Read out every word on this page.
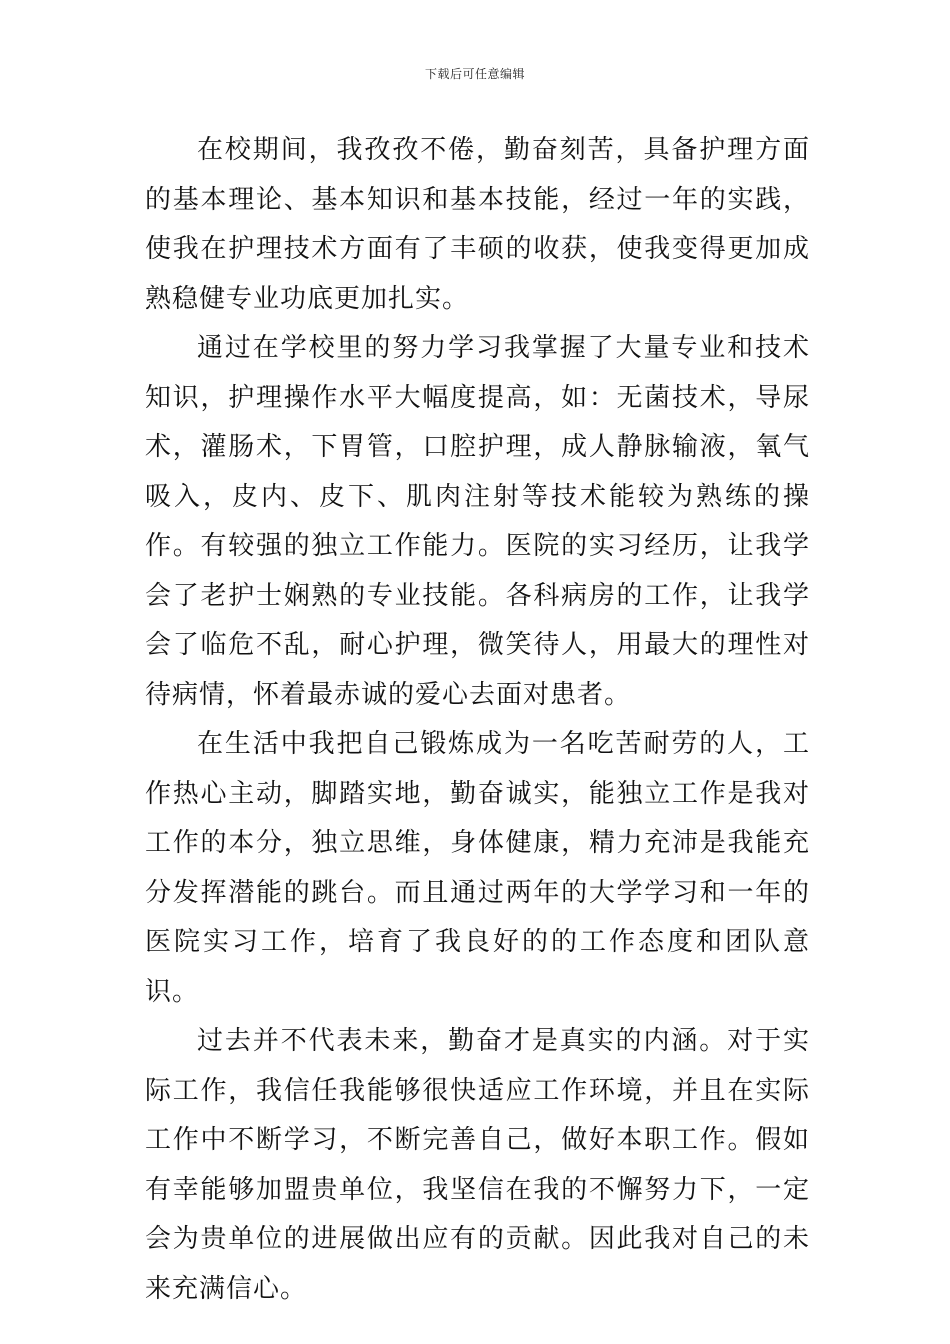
下载后可任意编辑

在校期间，我孜孜不倦，勤奋刻苦，具备护理方面的基本理论、基本知识和基本技能，经过一年的实践，使我在护理技术方面有了丰硕的收获，使我变得更加成熟稳健专业功底更加扎实。

通过在学校里的努力学习我掌握了大量专业和技术知识，护理操作水平大幅度提高，如：无菌技术，导尿术，灌肠术，下胃管，口腔护理，成人静脉输液，氧气吸入，皮内、皮下、肌肉注射等技术能较为熟练的操作。有较强的独立工作能力。医院的实习经历，让我学会了老护士娴熟的专业技能。各科病房的工作，让我学会了临危不乱，耐心护理，微笑待人，用最大的理性对待病情，怀着最赤诚的爱心去面对患者。

在生活中我把自己锻炼成为一名吃苦耐劳的人，工作热心主动，脚踏实地，勤奋诚实，能独立工作是我对工作的本分，独立思维，身体健康，精力充沛是我能充分发挥潜能的跳台。而且通过两年的大学学习和一年的医院实习工作，培育了我良好的的工作态度和团队意识。

过去并不代表未来，勤奋才是真实的内涵。对于实际工作，我信任我能够很快适应工作环境，并且在实际工作中不断学习，不断完善自己，做好本职工作。假如有幸能够加盟贵单位，我坚信在我的不懈努力下，一定会为贵单位的进展做出应有的贡献。因此我对自己的未来充满信心。
